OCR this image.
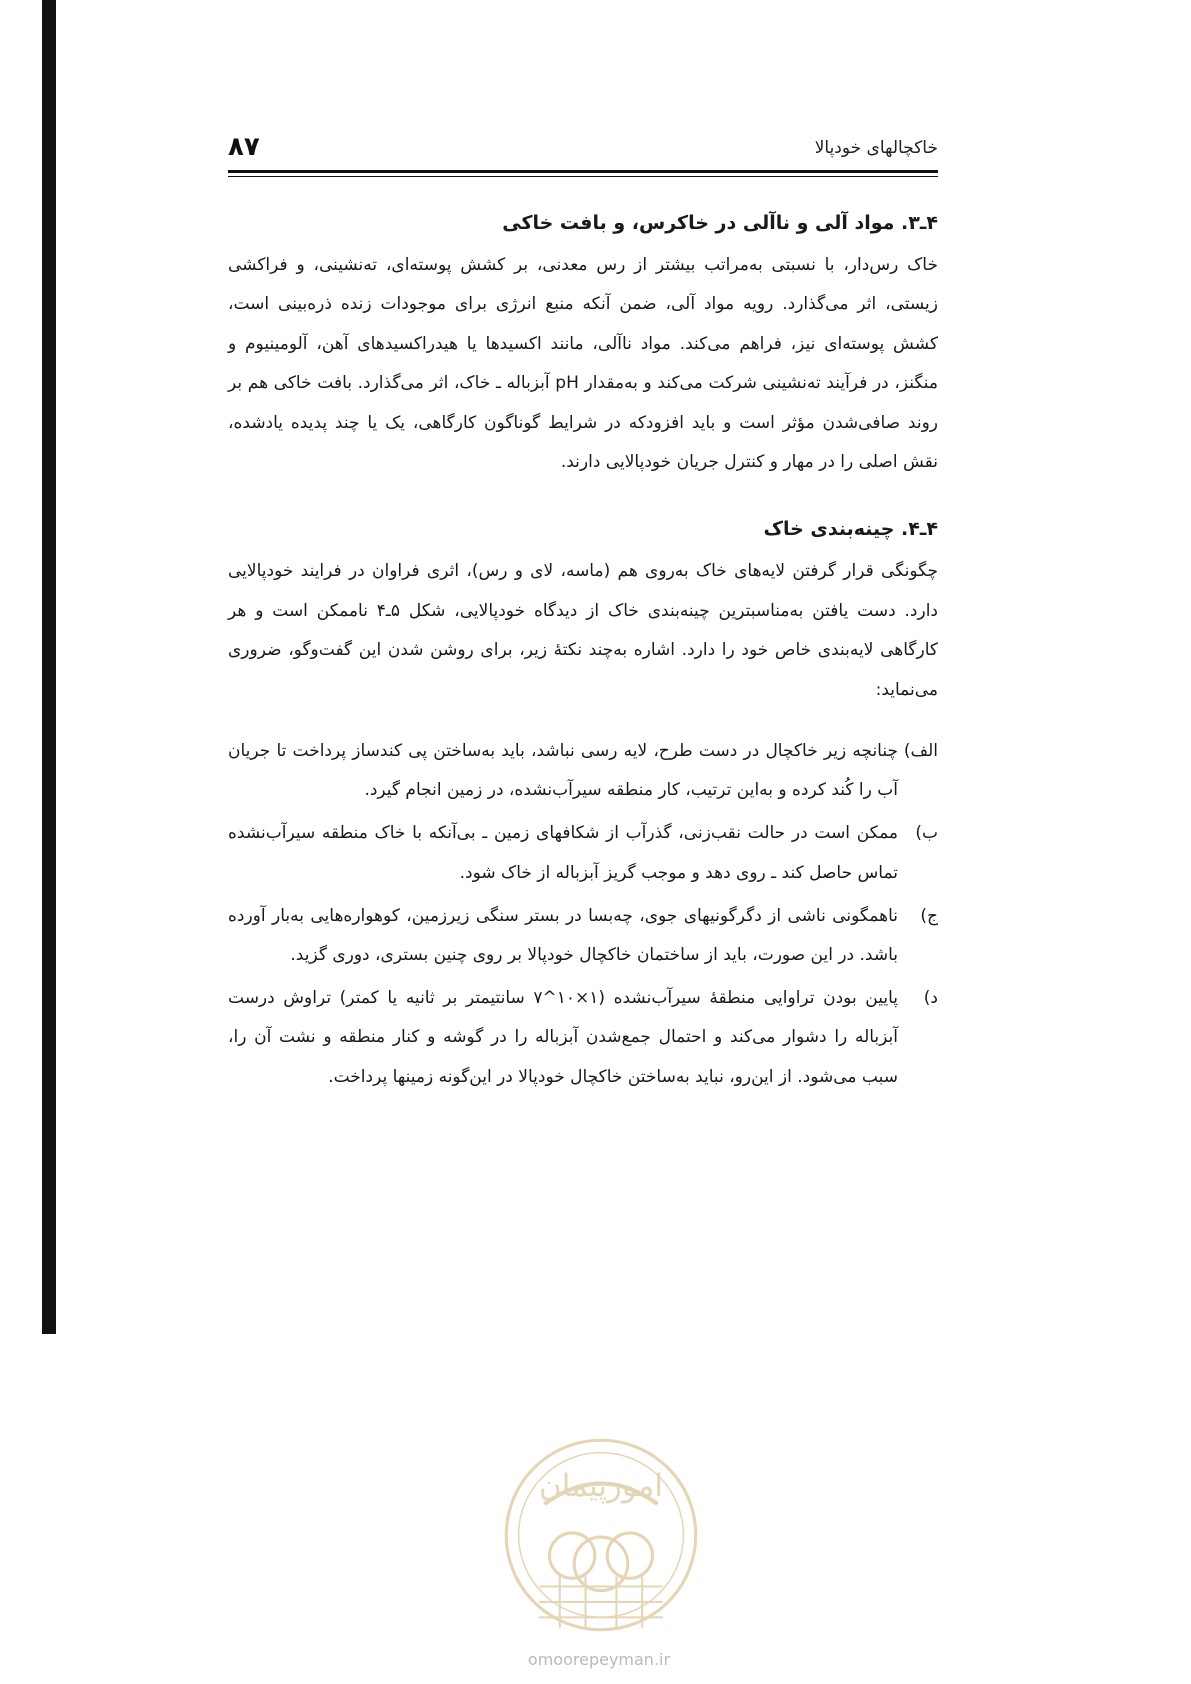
خاکچالهای خودپالا
۸۷
۴ـ۳. مواد آلی و ناآلی در خاکرس، و بافت خاکی

خاک رس‌دار، با نسبتی به‌مراتب بیشتر از رس معدنی، بر کشش پوسته‌ای، ته‌نشینی، و فراکشی زیستی، اثر می‌گذارد. رویه مواد آلی، ضمن آنکه منبع انرژی برای موجودات زنده ذره‌بینی است، کشش پوسته‌ای نیز، فراهم می‌کند. مواد ناآلی، مانند اکسیدها یا هیدراکسیدهای آهن، آلومینیوم و منگنز، در فرآیند ته‌نشینی شرکت می‌کند و به‌مقدار pH آبزباله ـ خاک، اثر می‌گذارد. بافت خاکی هم بر روند صافی‌شدن مؤثر است و باید افزودکه در شرایط گوناگون کارگاهی، یک یا چند پدیده یادشده، نقش اصلی را در مهار و کنترل جریان خودپالایی دارند.

۴ـ۴. چینه‌بندی خاک

چگونگی قرار گرفتن لایه‌های خاک به‌روی هم (ماسه، لای و رس)، اثری فراوان در فرایند خودپالایی دارد. دست یافتن به‌مناسبترین چینه‌بندی خاک از دیدگاه خودپالایی، شکل ۵ـ۴ ناممکن است و هر کارگاهی لایه‌بندی خاص خود را دارد. اشاره به‌چند نکتهٔ زیر، برای روشن شدن این گفت‌وگو، ضروری می‌نماید:

الف)
چنانچه زیر خاکچال در دست طرح، لایه رسی نباشد، باید به‌ساختن پی کندساز پرداخت تا جریان آب را کُند کرده و به‌این ترتیب، کار منطقه سیرآب‌نشده، در زمین انجام گیرد.
ب)
ممکن است در حالت نقب‌زنی، گذرآب از شکافهای زمین ـ بی‌آنکه با خاک منطقه سیرآب‌نشده تماس حاصل کند ـ روی دهد و موجب گریز آبزباله از خاک شود.
ج)
ناهمگونی ناشی از دگرگونیهای جوی، چه‌بسا در بستر سنگی زیرزمین، کوهواره‌هایی به‌بار آورده باشد. در این صورت، باید از ساختمان خاکچال خودپالا بر روی چنین بستری، دوری گزید.
د)
پایین بودن تراوایی منطقهٔ سیرآب‌نشده (۱×۱۰^۷ سانتیمتر بر ثانیه یا کمتر) تراوش درست آبزباله را دشوار می‌کند و احتمال جمع‌شدن آبزباله را در گوشه و کنار منطقه و نشت آن را، سبب می‌شود. از این‌رو، نباید به‌ساختن خاکچال خودپالا در این‌گونه زمینها پرداخت.
امورپیمان
omoorepeyman.ir
